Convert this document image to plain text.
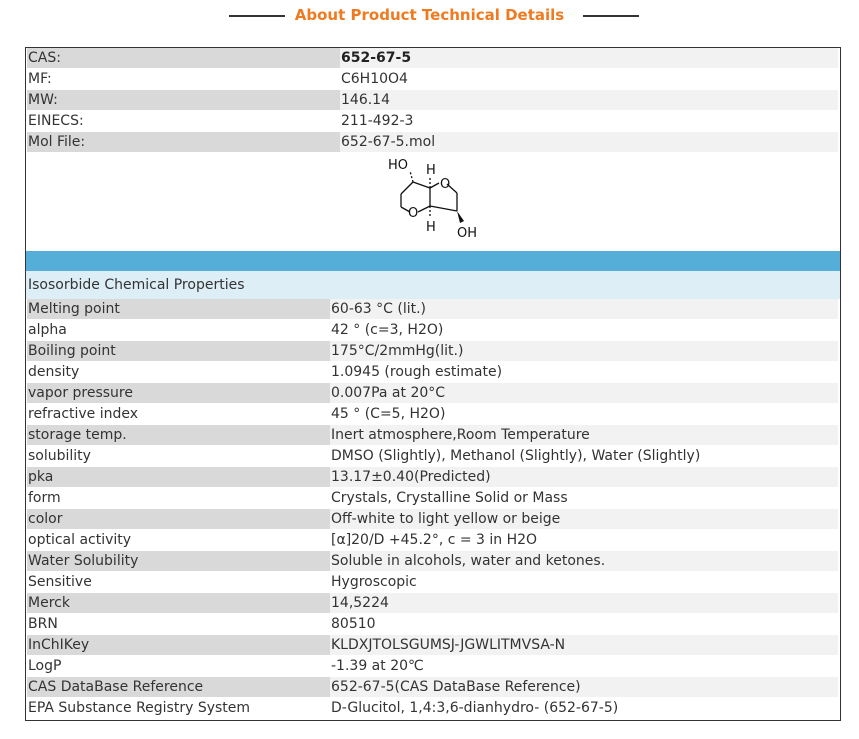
About Product Technical Details
CAS:	652-67-5
MF:	C6H10O4
MW:	146.14
EINECS:	211-492-3
Mol File:	652-67-5.mol
HO H
O
O
H OH
Isosorbide Chemical Properties
Melting point	60-63 °C (lit.)
alpha	42 ° (c=3, H2O)
Boiling point	175°C/2mmHg(lit.)
density	1.0945 (rough estimate)
vapor pressure	0.007Pa at 20°C
refractive index	45 ° (C=5, H2O)
storage temp.	Inert atmosphere,Room Temperature
solubility	DMSO (Slightly), Methanol (Slightly), Water (Slightly)
pka	13.17±0.40(Predicted)
form	Crystals, Crystalline Solid or Mass
color	Off-white to light yellow or beige
optical activity	[α]20/D +45.2°, c = 3 in H2O
Water Solubility	Soluble in alcohols, water and ketones.
Sensitive	Hygroscopic
Merck	14,5224
BRN	80510
InChIKey	KLDXJTOLSGUMSJ-JGWLITMVSA-N
LogP	-1.39 at 20℃
CAS DataBase Reference	652-67-5(CAS DataBase Reference)
EPA Substance Registry System	D-Glucitol, 1,4:3,6-dianhydro- (652-67-5)
